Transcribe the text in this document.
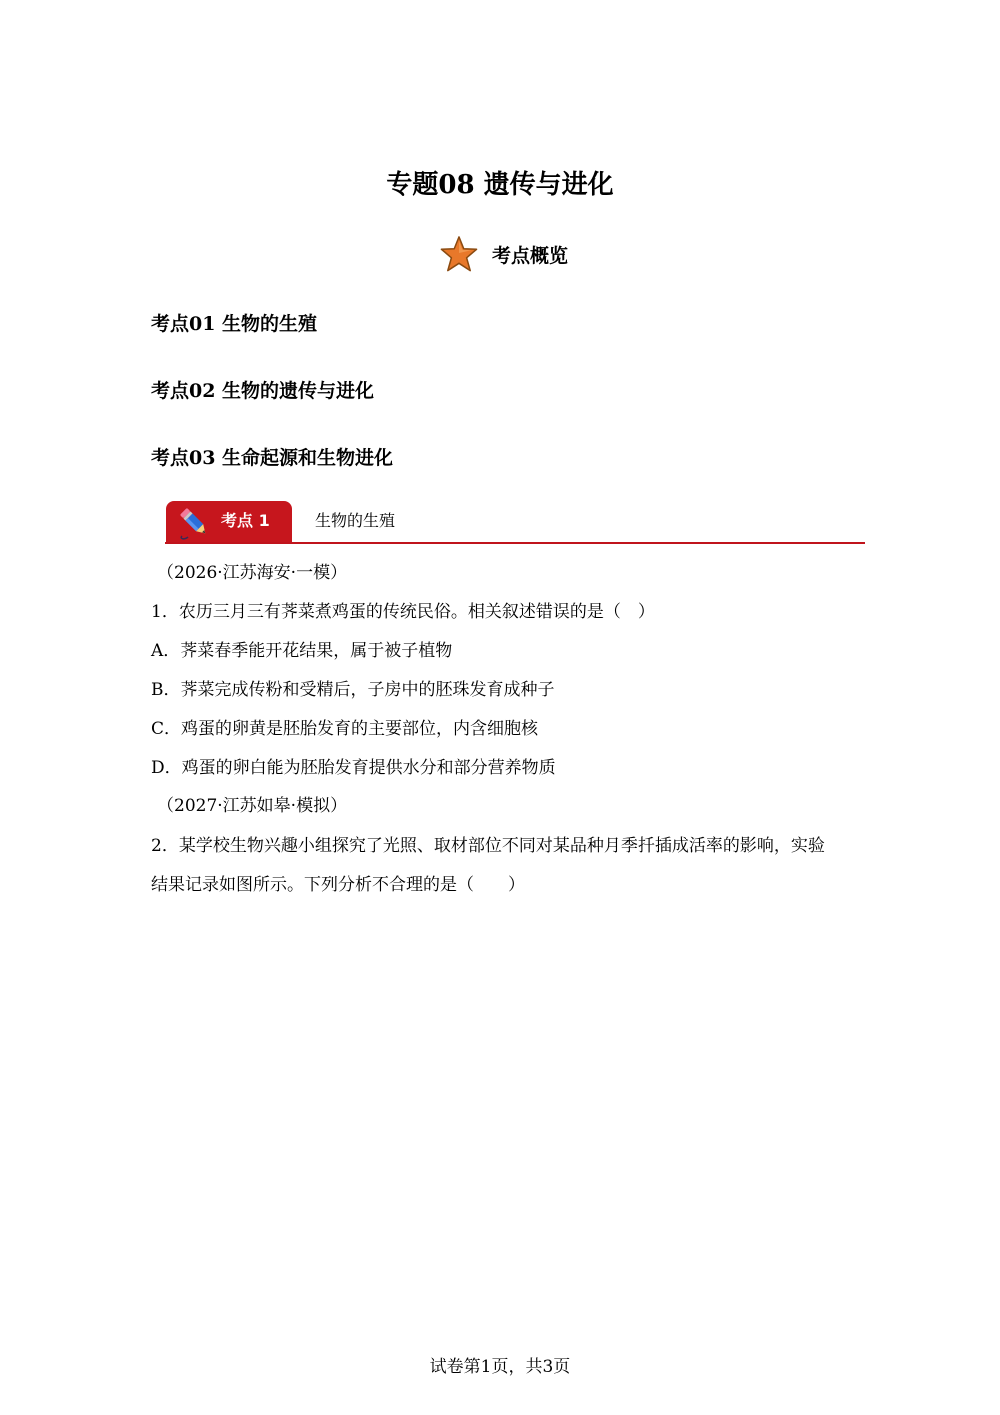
专题08 遗传与进化
考点概览
考点01 生物的生殖
考点02 生物的遗传与进化
考点03 生命起源和生物进化
考点 1	生物的生殖
（2026·江苏海安·一模）
1．农历三月三有荠菜煮鸡蛋的传统民俗。相关叙述错误的是（　）
A．荠菜春季能开花结果，属于被子植物
B．荠菜完成传粉和受精后，子房中的胚珠发育成种子
C．鸡蛋的卵黄是胚胎发育的主要部位，内含细胞核
D．鸡蛋的卵白能为胚胎发育提供水分和部分营养物质
（2027·江苏如皋·模拟）
2．某学校生物兴趣小组探究了光照、取材部位不同对某品种月季扦插成活率的影响，实验
结果记录如图所示。下列分析不合理的是（　　）
试卷第1页，共3页
